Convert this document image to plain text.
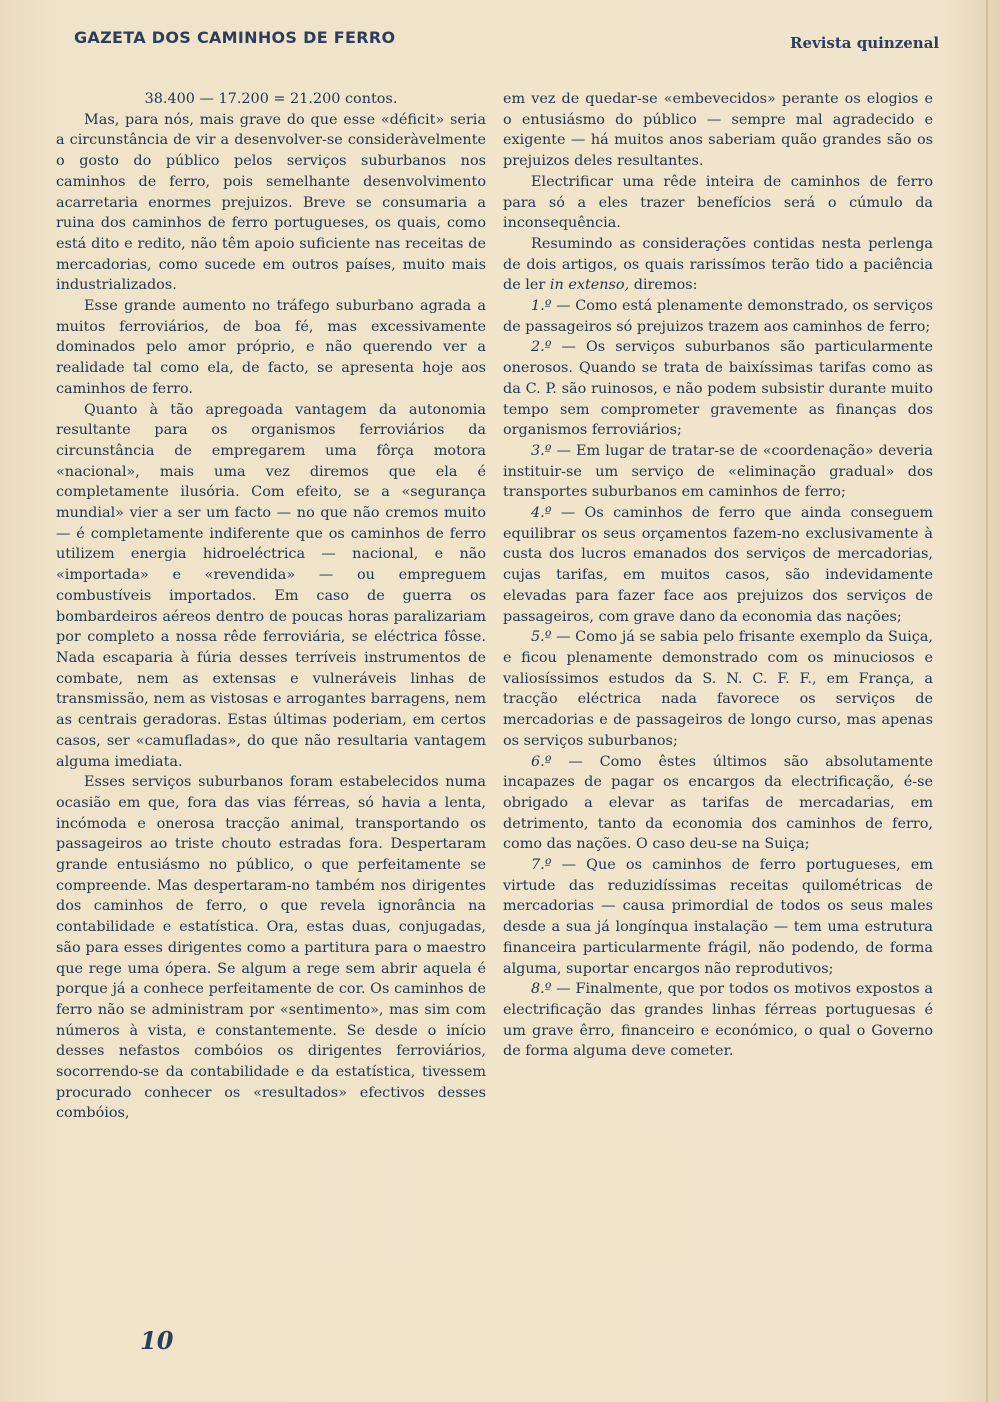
GAZETA DOS CAMINHOS DE FERRO	Revista quinzenal

38.400 — 17.200 = 21.200 contos.

Mas, para nós, mais grave do que esse «déficit» seria a circunstância de vir a desenvolver-se consideràvelmente o gosto do público pelos serviços suburbanos nos caminhos de ferro, pois semelhante desenvolvimento acarretaria enormes prejuizos. Breve se consumaria a ruina dos caminhos de ferro portugueses, os quais, como está dito e redito, não têm apoio suficiente nas receitas de mercadorias, como sucede em outros países, muito mais industrializados.

Esse grande aumento no tráfego suburbano agrada a muitos ferroviários, de boa fé, mas excessivamente dominados pelo amor próprio, e não querendo ver a realidade tal como ela, de facto, se apresenta hoje aos caminhos de ferro.

Quanto à tão apregoada vantagem da autonomia resultante para os organismos ferroviários da circunstância de empregarem uma fôrça motora «nacional», mais uma vez diremos que ela é completamente ilusória. Com efeito, se a «segurança mundial» vier a ser um facto — no que não cremos muito — é completamente indiferente que os caminhos de ferro utilizem energia hidroeléctrica — nacional, e não «importada» e «revendida» — ou empreguem combustíveis importados. Em caso de guerra os bombardeiros aéreos dentro de poucas horas paralizariam por completo a nossa rêde ferroviária, se eléctrica fôsse. Nada escaparia à fúria desses terríveis instrumentos de combate, nem as extensas e vulneráveis linhas de transmissão, nem as vistosas e arrogantes barragens, nem as centrais geradoras. Estas últimas poderiam, em certos casos, ser «camufladas», do que não resultaria vantagem alguma imediata.

Esses serviços suburbanos foram estabelecidos numa ocasião em que, fora das vias férreas, só havia a lenta, incómoda e onerosa tracção animal, transportando os passageiros ao triste chouto estradas fora. Despertaram grande entusiásmo no público, o que perfeitamente se compreende. Mas despertaram-no também nos dirigentes dos caminhos de ferro, o que revela ignorância na contabilidade e estatística. Ora, estas duas, conjugadas, são para esses dirigentes como a partitura para o maestro que rege uma ópera. Se algum a rege sem abrir aquela é porque já a conhece perfeitamente de cor. Os caminhos de ferro não se administram por «sentimento», mas sim com números à vista, e constantemente. Se desde o início desses nefastos combóios os dirigentes ferroviários, socorrendo-se da contabilidade e da estatística, tivessem procurado conhecer os «resultados» efectivos desses combóios,

em vez de quedar-se «embevecidos» perante os elogios e o entusiásmo do público — sempre mal agradecido e exigente — há muitos anos saberiam quão grandes são os prejuizos deles resultantes.

Electrificar uma rêde inteira de caminhos de ferro para só a eles trazer benefícios será o cúmulo da inconsequência.

Resumindo as considerações contidas nesta perlenga de dois artigos, os quais rarissímos terão tido a paciência de ler in extenso, diremos:

1.º — Como está plenamente demonstrado, os serviços de passageiros só prejuizos trazem aos caminhos de ferro;

2.º — Os serviços suburbanos são particularmente onerosos. Quando se trata de baixíssimas tarifas como as da C. P. são ruinosos, e não podem subsistir durante muito tempo sem comprometer gravemente as finanças dos organismos ferroviários;

3.º — Em lugar de tratar-se de «coordenação» deveria instituir-se um serviço de «eliminação gradual» dos transportes suburbanos em caminhos de ferro;

4.º — Os caminhos de ferro que ainda conseguem equilibrar os seus orçamentos fazem-no exclusivamente à custa dos lucros emanados dos serviços de mercadorias, cujas tarifas, em muitos casos, são indevidamente elevadas para fazer face aos prejuizos dos serviços de passageiros, com grave dano da economia das nações;

5.º — Como já se sabia pelo frisante exemplo da Suiça, e ficou plenamente demonstrado com os minuciosos e valiosíssimos estudos da S. N. C. F. F., em França, a tracção eléctrica nada favorece os serviços de mercadorias e de passageiros de longo curso, mas apenas os serviços suburbanos;

6.º — Como êstes últimos são absolutamente incapazes de pagar os encargos da electrificação, é-se obrigado a elevar as tarifas de mercadarias, em detrimento, tanto da economia dos caminhos de ferro, como das nações. O caso deu-se na Suiça;

7.º — Que os caminhos de ferro portugueses, em virtude das reduzidíssimas receitas quilométricas de mercadorias — causa primordial de todos os seus males desde a sua já longínqua instalação — tem uma estrutura financeira particularmente frágil, não podendo, de forma alguma, suportar encargos não reprodutivos;

8.º — Finalmente, que por todos os motivos expostos a electrificação das grandes linhas férreas portuguesas é um grave êrro, financeiro e económico, o qual o Governo de forma alguma deve cometer.

10
